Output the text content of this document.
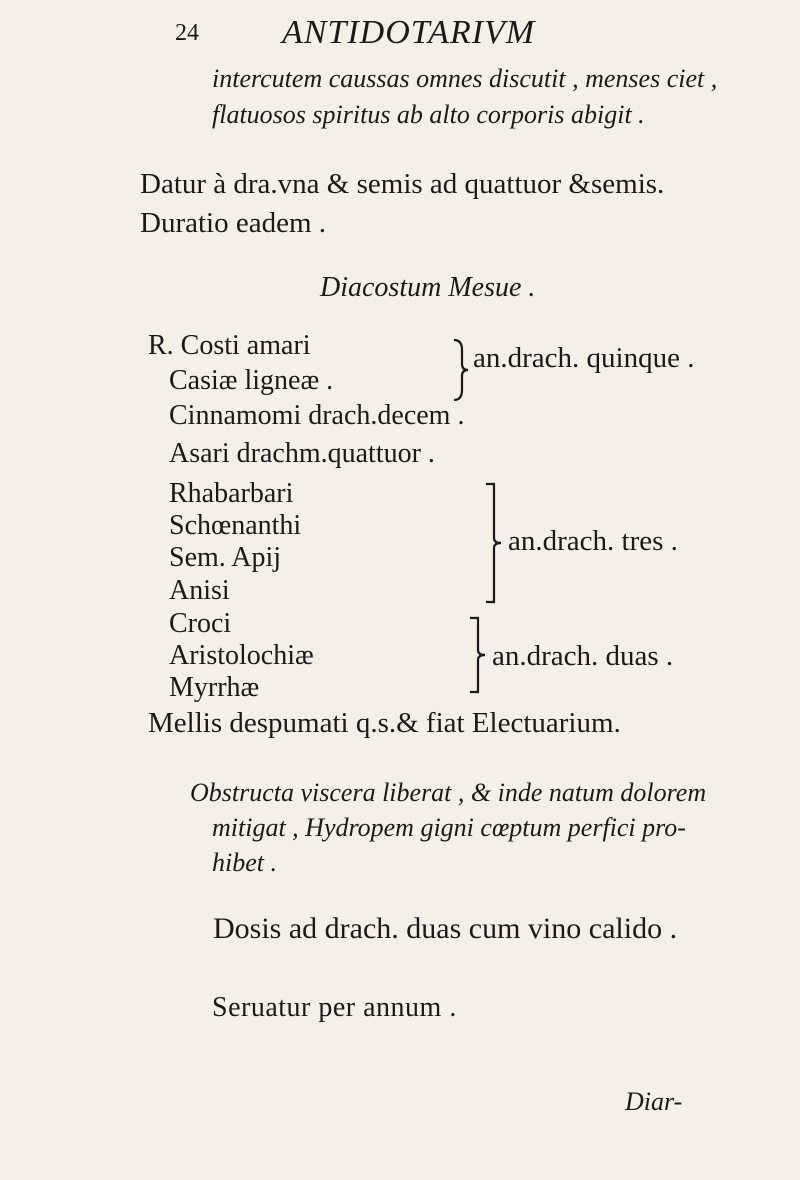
24 ANTIDOTARIVM
intercutem caussas omnes discutit , menses ciet ,
flatuosos spiritus ab alto corporis abigit .
Datur à dra.vna & semis ad quattuor &semis.
Duratio eadem .
Diacostum Mesue .
R. Costi amari
Casiæ ligneæ .
an.drach. quinque .
Cinnamomi drach.decem .
Asari drachm.quattuor .
Rhabarbari
Schœnanthi
Sem. Apij
Anisi
an.drach. tres .
Croci
Aristolochiæ
Myrrhæ
an.drach. duas .
Mellis despumati q.s.& fiat Electuarium.
Obstructa viscera liberat , & inde natum dolorem
mitigat , Hydropem gigni cœptum perfici pro-
hibet .
Dosis ad drach. duas cum vino calido .
Seruatur per annum .
Diar-
